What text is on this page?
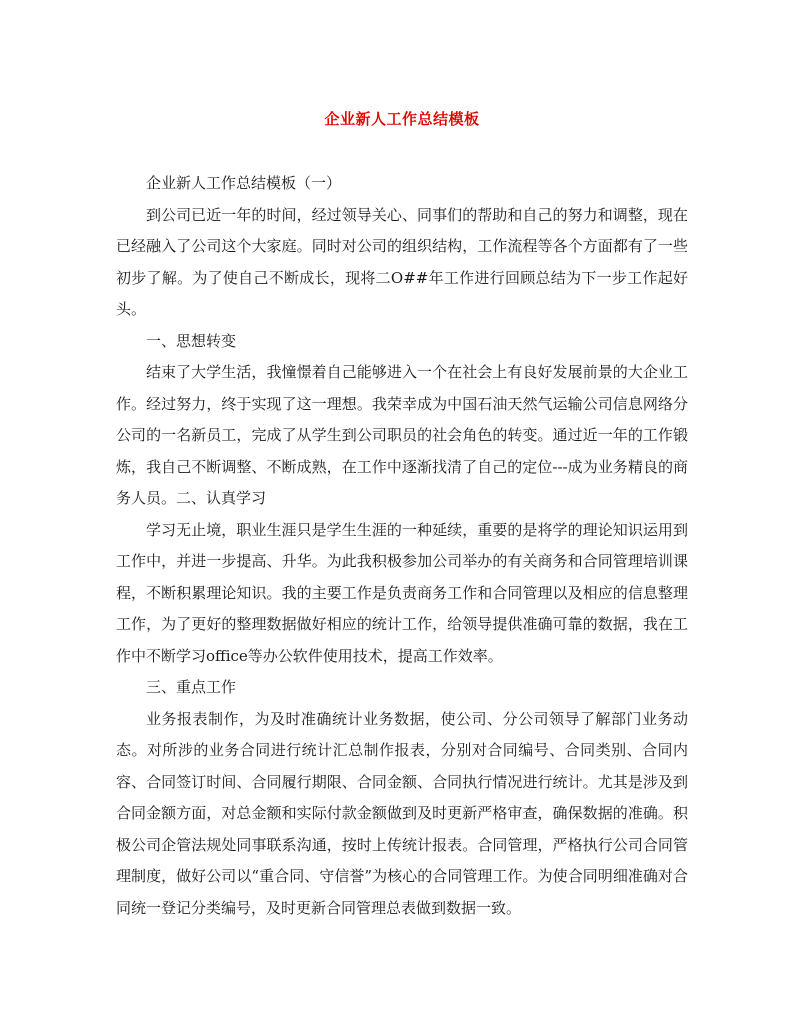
企业新人工作总结模板

企业新人工作总结模板（一）

到公司已近一年的时间，经过领导关心、同事们的帮助和自己的努力和调整，现在已经融入了公司这个大家庭。同时对公司的组织结构，工作流程等各个方面都有了一些初步了解。为了使自己不断成长，现将二O##年工作进行回顾总结为下一步工作起好头。

一、思想转变

结束了大学生活，我憧憬着自己能够进入一个在社会上有良好发展前景的大企业工作。经过努力，终于实现了这一理想。我荣幸成为中国石油天然气运输公司信息网络分公司的一名新员工，完成了从学生到公司职员的社会角色的转变。通过近一年的工作锻炼，我自己不断调整、不断成熟，在工作中逐渐找清了自己的定位---成为业务精良的商务人员。二、认真学习

学习无止境，职业生涯只是学生生涯的一种延续，重要的是将学的理论知识运用到工作中，并进一步提高、升华。为此我积极参加公司举办的有关商务和合同管理培训课程，不断积累理论知识。我的主要工作是负责商务工作和合同管理以及相应的信息整理工作，为了更好的整理数据做好相应的统计工作，给领导提供准确可靠的数据，我在工作中不断学习office等办公软件使用技术，提高工作效率。

三、重点工作

业务报表制作，为及时准确统计业务数据，使公司、分公司领导了解部门业务动态。对所涉的业务合同进行统计汇总制作报表，分别对合同编号、合同类别、合同内容、合同签订时间、合同履行期限、合同金额、合同执行情况进行统计。尤其是涉及到合同金额方面，对总金额和实际付款金额做到及时更新严格审查，确保数据的准确。积极公司企管法规处同事联系沟通，按时上传统计报表。合同管理，严格执行公司合同管理制度，做好公司以“重合同、守信誉”为核心的合同管理工作。为使合同明细准确对合同统一登记分类编号，及时更新合同管理总表做到数据一致。
